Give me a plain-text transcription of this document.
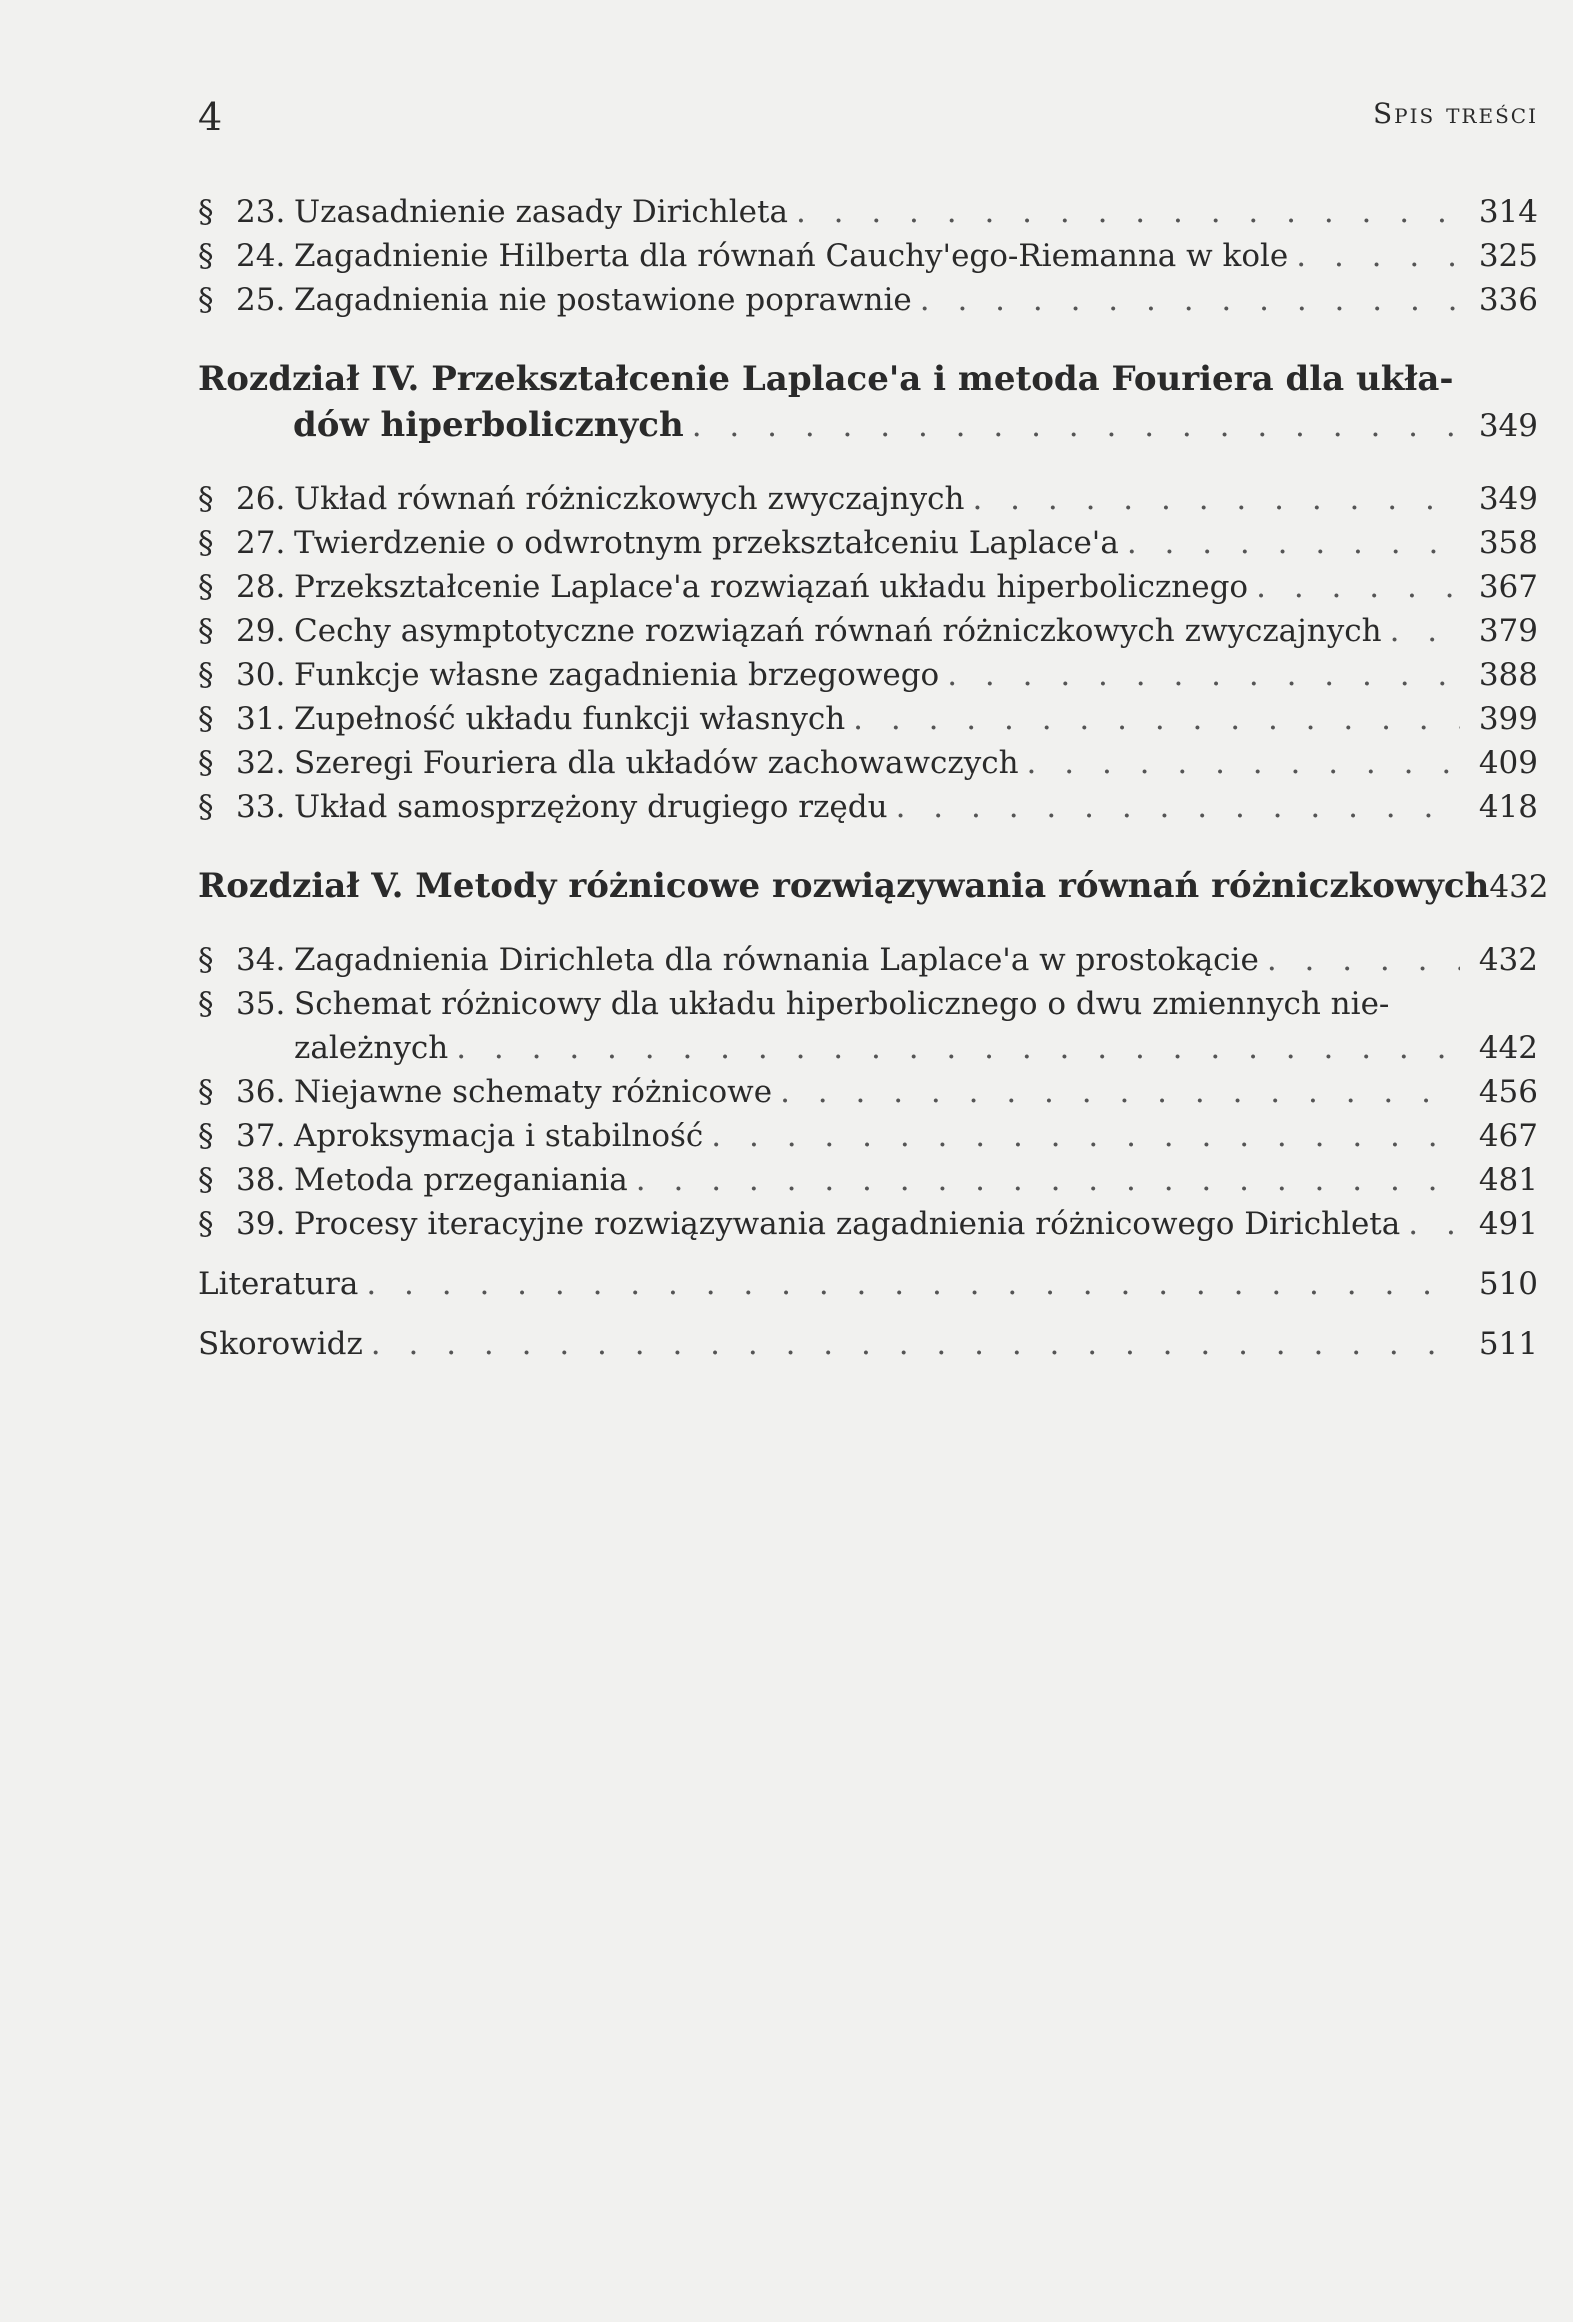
4	Spis treści
§ 23. Uzasadnienie zasady Dirichleta . . .	314
§ 24. Zagadnienie Hilberta dla równań Cauchy'ego-Riemanna w kole . . .	325
§ 25. Zagadnienia nie postawione poprawnie . . .	336
Rozdział IV. Przekształcenie Laplace'a i metoda Fouriera dla ukła-
dów hiperbolicznych . . .	349
§ 26. Układ równań różniczkowych zwyczajnych . . .	349
§ 27. Twierdzenie o odwrotnym przekształceniu Laplace'a . . .	358
§ 28. Przekształcenie Laplace'a rozwiązań układu hiperbolicznego . . .	367
§ 29. Cechy asymptotyczne rozwiązań równań różniczkowych zwyczajnych . . .	379
§ 30. Funkcje własne zagadnienia brzegowego . . .	388
§ 31. Zupełność układu funkcji własnych . . .	399
§ 32. Szeregi Fouriera dla układów zachowawczych . . .	409
§ 33. Układ samosprzężony drugiego rzędu . . .	418
Rozdział V. Metody różnicowe rozwiązywania równań różniczkowych 432
§ 34. Zagadnienia Dirichleta dla równania Laplace'a w prostokącie . . .	432
§ 35. Schemat różnicowy dla układu hiperbolicznego o dwu zmiennych nie-
zależnych . . .	442
§ 36. Niejawne schematy różnicowe . . .	456
§ 37. Aproksymacja i stabilność . . .	467
§ 38. Metoda przeganiania . . .	481
§ 39. Procesy iteracyjne rozwiązywania zagadnienia różnicowego Dirichleta . . .	491
Literatura . . .	510
Skorowidz . . .	511
